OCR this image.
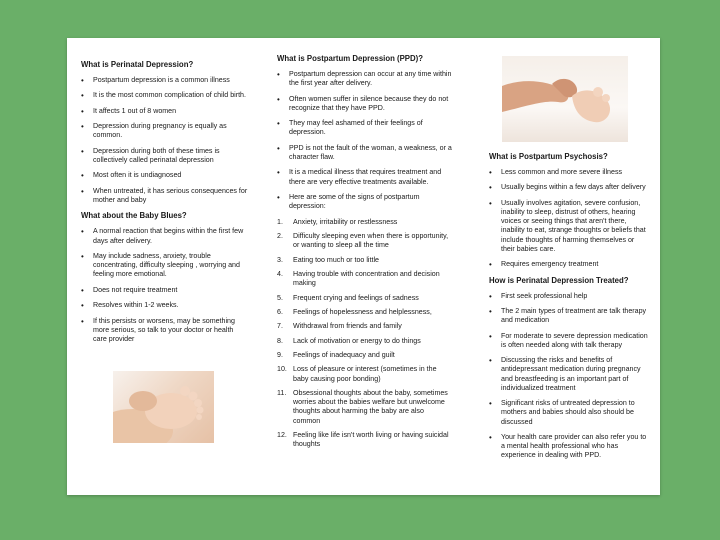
What is Perinatal Depression?
• Postpartum depression is a common illness
• It is the most common complication of child birth.
• It affects 1 out of 8 women
• Depression during pregnancy is equally as common.
• Depression during both of these times is collectively called perinatal depression
• Most often it is undiagnosed
• When untreated, it has serious consequences for mother and baby
What about the Baby Blues?
• A normal reaction that begins within the first few days after delivery.
• May include sadness, anxiety, trouble concentrating, difficulty sleeping , worrying and feeling more emotional.
• Does not require treatment
• Resolves within 1-2 weeks.
• If this persists or worsens, may be something more serious, so talk to your doctor or health care provider
What is Postpartum Depression (PPD)?
• Postpartum depression can occur at any time within the first year after delivery.
• Often women suffer in silence because they do not recognize that they have PPD.
• They may feel ashamed of their feelings of depression.
• PPD is not the fault of the woman, a weakness, or a character flaw.
• It is a medical illness that requires treatment and there are very effective treatments available.
• Here are some of the signs of postpartum depression:
1. Anxiety, irritability or restlessness
2. Difficulty sleeping even when there is opportunity, or wanting to sleep all the time
3. Eating too much or too little
4. Having trouble with concentration and decision making
5. Frequent crying and feelings of sadness
6. Feelings of hopelessness and helplessness,
7. Withdrawal from friends and family
8. Lack of motivation or energy to do things
9. Feelings of inadequacy and guilt
10. Loss of pleasure or interest (sometimes in the baby causing poor bonding)
11. Obsessional thoughts about the baby, sometimes worries about the babies welfare but unwelcome thoughts about harming the baby are also common
12. Feeling like life isn't worth living or having suicidal thoughts
What is Postpartum Psychosis?
• Less common and more severe illness
• Usually begins within a few days after delivery
• Usually involves agitation, severe confusion, inability to sleep, distrust of others, hearing voices or seeing things that aren't there, inability to eat, strange thoughts or beliefs that include thoughts of harming themselves or their babies care.
• Requires emergency treatment
How is Perinatal Depression Treated?
• First seek professional help
• The 2 main types of treatment are talk therapy and medication
• For moderate to severe depression medication is often needed along with talk therapy
• Discussing the risks and benefits of antidepressant medication during pregnancy and breastfeeding is an important part of individualized treatment
• Significant risks of untreated depression to mothers and babies should also should be discussed
• Your health care provider can also refer you to a mental health professional who has experience in dealing with PPD.
